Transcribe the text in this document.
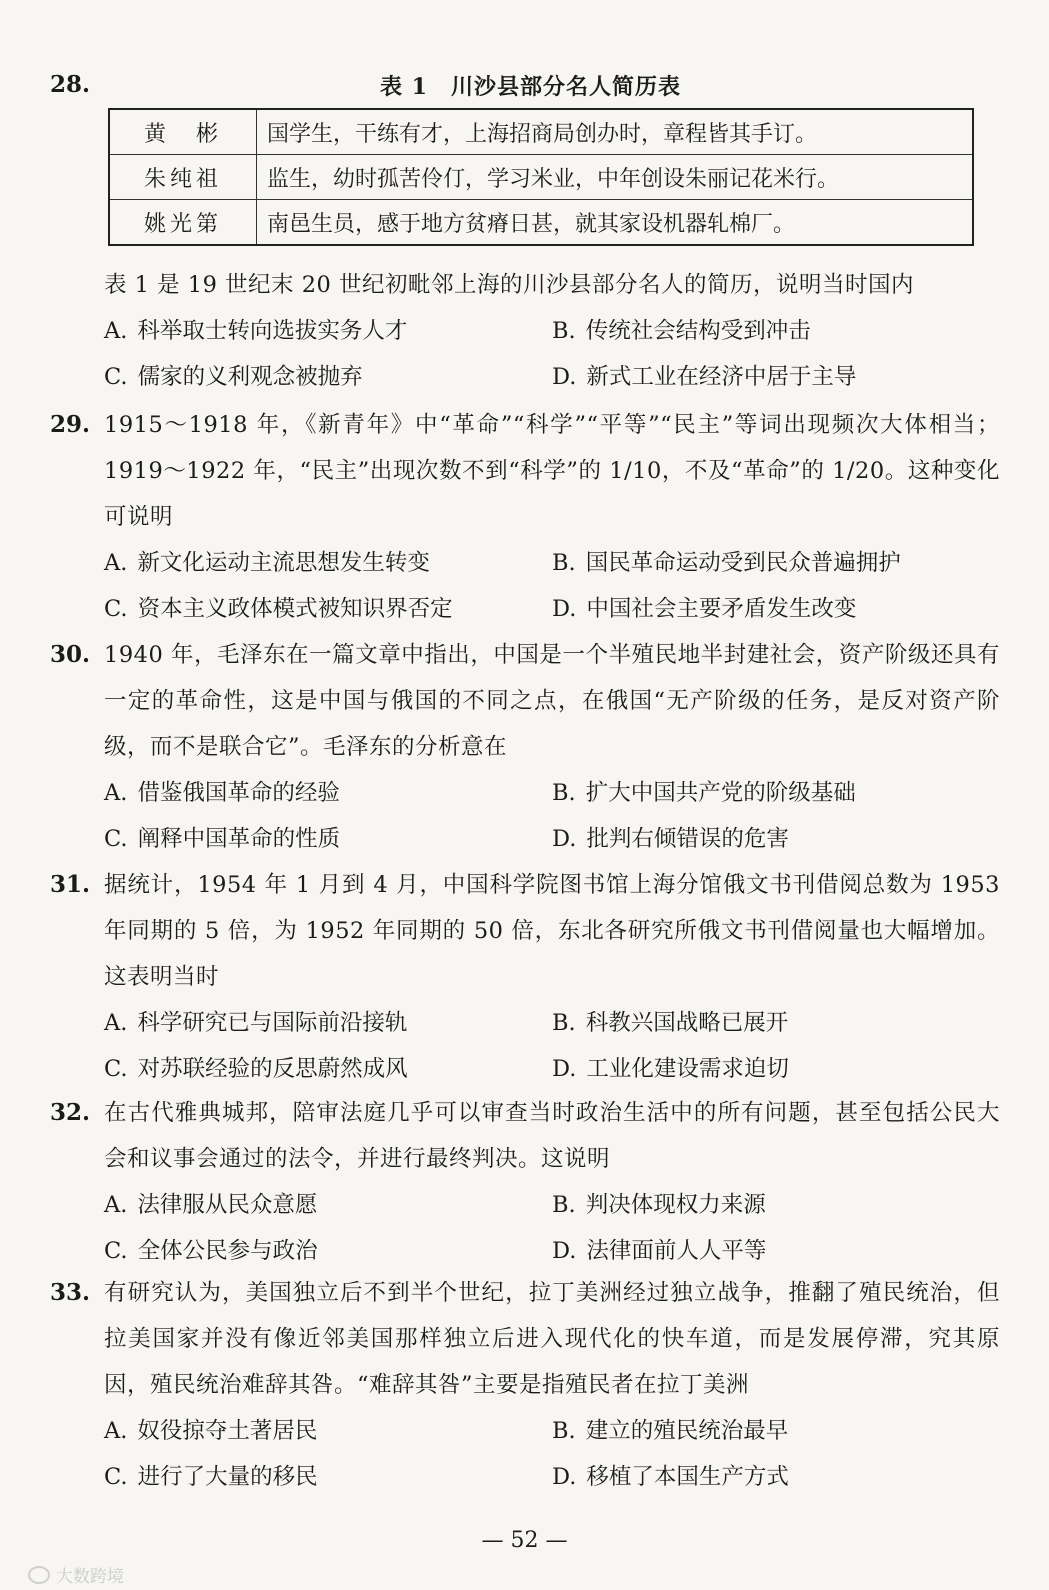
28.	表 1　川沙县部分名人简历表
黄　彬	国学生，干练有才，上海招商局创办时，章程皆其手订。
朱纯祖	监生，幼时孤苦伶仃，学习米业，中年创设朱丽记花米行。
姚光第	南邑生员，感于地方贫瘠日甚，就其家设机器轧棉厂。
表 1 是 19 世纪末 20 世纪初毗邻上海的川沙县部分名人的简历，说明当时国内
A. 科举取士转向选拔实务人才	B. 传统社会结构受到冲击
C. 儒家的义利观念被抛弃	D. 新式工业在经济中居于主导
29. 1915～1918 年，《新青年》中“革命”“科学”“平等”“民主”等词出现频次大体相当；1919～1922 年，“民主”出现次数不到“科学”的 1/10，不及“革命”的 1/20。这种变化可说明
A. 新文化运动主流思想发生转变	B. 国民革命运动受到民众普遍拥护
C. 资本主义政体模式被知识界否定	D. 中国社会主要矛盾发生改变
30. 1940 年，毛泽东在一篇文章中指出，中国是一个半殖民地半封建社会，资产阶级还具有一定的革命性，这是中国与俄国的不同之点，在俄国“无产阶级的任务，是反对资产阶级，而不是联合它”。毛泽东的分析意在
A. 借鉴俄国革命的经验	B. 扩大中国共产党的阶级基础
C. 阐释中国革命的性质	D. 批判右倾错误的危害
31. 据统计，1954 年 1 月到 4 月，中国科学院图书馆上海分馆俄文书刊借阅总数为 1953 年同期的 5 倍，为 1952 年同期的 50 倍，东北各研究所俄文书刊借阅量也大幅增加。这表明当时
A. 科学研究已与国际前沿接轨	B. 科教兴国战略已展开
C. 对苏联经验的反思蔚然成风	D. 工业化建设需求迫切
32. 在古代雅典城邦，陪审法庭几乎可以审查当时政治生活中的所有问题，甚至包括公民大会和议事会通过的法令，并进行最终判决。这说明
A. 法律服从民众意愿	B. 判决体现权力来源
C. 全体公民参与政治	D. 法律面前人人平等
33. 有研究认为，美国独立后不到半个世纪，拉丁美洲经过独立战争，推翻了殖民统治，但拉美国家并没有像近邻美国那样独立后进入现代化的快车道，而是发展停滞，究其原因，殖民统治难辞其咎。“难辞其咎”主要是指殖民者在拉丁美洲
A. 奴役掠夺土著居民	B. 建立的殖民统治最早
C. 进行了大量的移民	D. 移植了本国生产方式
— 52 —
大数跨境
